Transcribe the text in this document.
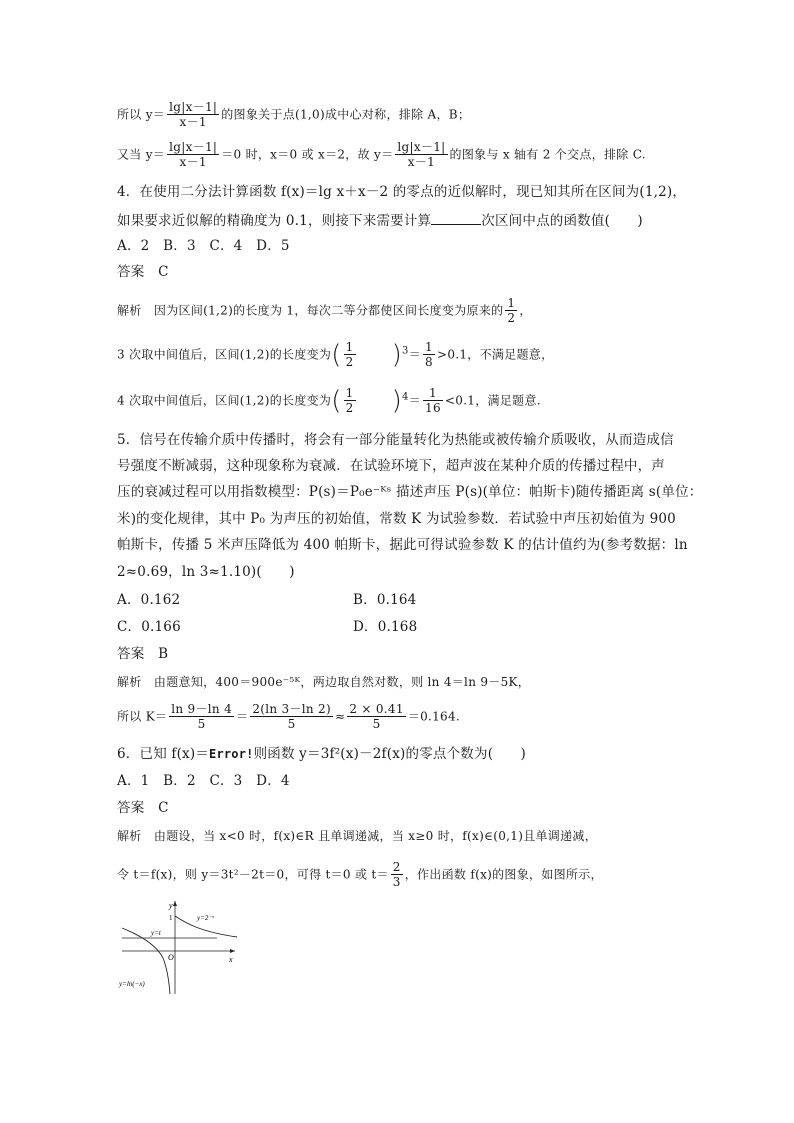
所以 $y= \frac{\lg|x-1|}{x-1}$ 的图象关于点(1,0)成中心对称，排除 A，B；
又当 $y= \frac{\lg|x-1|}{x-1} =0$ 时，x＝0 或 x＝2，故 $y= \frac{\lg|x-1|}{x-1}$ 的图象与 x 轴有 2 个交点，排除 C.
4．在使用二分法计算函数 f(x)＝lg x＋x－2 的零点的近似解时，现已知其所在区间为(1,2)，
如果要求近似解的精确度为 0.1，则接下来需要计算	次区间中点的函数值(　　)
A．2　B．3　C．4　D．5
答案　 C
解析　 因为区间(1,2)的长度为 1，每次二等分都使区间长度变为原来的 $\frac{1}{2}$ ，
3 次取中间值后，区间(1,2)的长度变为( $\frac{1}{2} )^3= \frac{1}{8} >0.1$，不满足题意，
4 次取中间值后，区间(1,2)的长度变为( $\frac{1}{2} )^4= \frac{1}{16} <0.1$，满足题意.
5．信号在传输介质中传播时，将会有一部分能量转化为热能或被传输介质吸收，从而造成信
号强度不断减弱，这种现象称为衰减．在试验环境下，超声波在某种介质的传播过程中，声
压的衰减过程可以用指数模型：P(s)＝P₀e⁻ᴷˢ 描述声压 P(s)(单位：帕斯卡)随传播距离 s(单位：
米)的变化规律，其中 P₀ 为声压的初始值，常数 K 为试验参数．若试验中声压初始值为 900
帕斯卡，传播 5 米声压降低为 400 帕斯卡，据此可得试验参数 K 的估计值约为(参考数据：ln
2≈0.69，ln 3≈1.10)(　　)
A．0.162	B．0.164
C．0.166	D．0.168
答案　 B
解析　 由题意知，400＝900e⁻⁵ᴷ，两边取自然对数，则 ln 4＝ln 9－5K，
所以 $K= \frac{\ln 9-\ln 4}{5} = \frac{2(\ln 3-\ln 2)}{5} \approx \frac{2 \times 0.41}{5} =0.164$.
6．已知 f(x)＝Error!则函数 y＝3f²(x)－2f(x)的零点个数为(　　)
A．1　B．2　C．3　D．4
答案　 C
解析　 由题设，当 x<0 时，f(x)∈R 且单调递减，当 x≥0 时，f(x)∈(0,1)且单调递减，
令 t＝f(x)，则 y＝3t²－2t＝0，可得 t＝0 或 $t= \frac{2}{3}$ ，作出函数 f(x)的图象，如图所示，
y
x
O
1	y=2⁻ˣ
y=t
y=ln(−x)
